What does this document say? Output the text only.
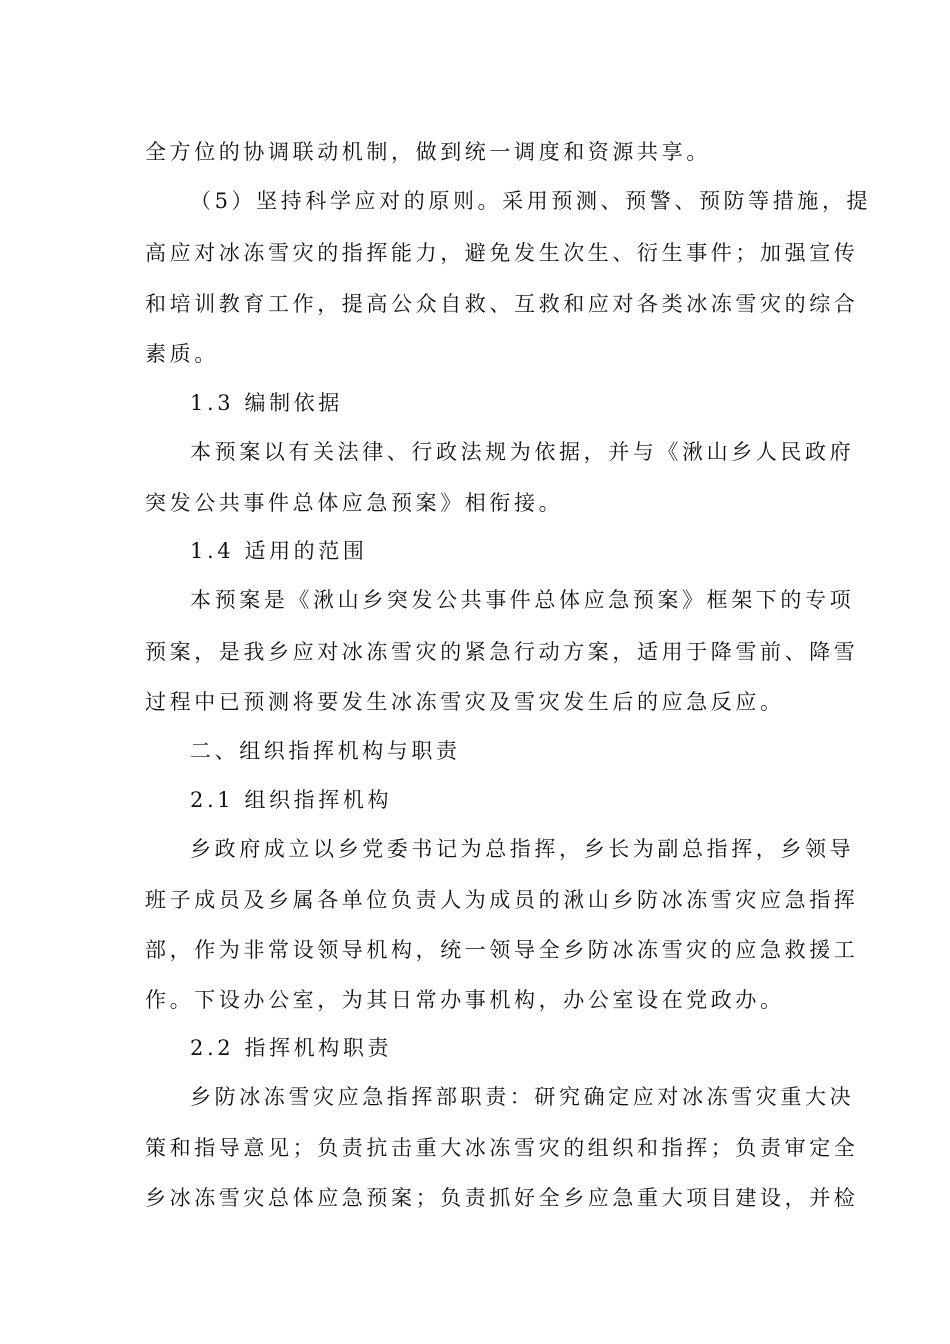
全方位的协调联动机制，做到统一调度和资源共享。
（5）坚持科学应对的原则。采用预测、预警、预防等措施，提
高应对冰冻雪灾的指挥能力，避免发生次生、衍生事件；加强宣传
和培训教育工作，提高公众自救、互救和应对各类冰冻雪灾的综合
素质。
1.3 编制依据
本预案以有关法律、行政法规为依据，并与《湫山乡人民政府
突发公共事件总体应急预案》相衔接。
1.4 适用的范围
本预案是《湫山乡突发公共事件总体应急预案》框架下的专项
预案，是我乡应对冰冻雪灾的紧急行动方案，适用于降雪前、降雪
过程中已预测将要发生冰冻雪灾及雪灾发生后的应急反应。
二、组织指挥机构与职责
2.1 组织指挥机构
乡政府成立以乡党委书记为总指挥，乡长为副总指挥，乡领导
班子成员及乡属各单位负责人为成员的湫山乡防冰冻雪灾应急指挥
部，作为非常设领导机构，统一领导全乡防冰冻雪灾的应急救援工
作。下设办公室，为其日常办事机构，办公室设在党政办。
2.2 指挥机构职责
乡防冰冻雪灾应急指挥部职责：研究确定应对冰冻雪灾重大决
策和指导意见；负责抗击重大冰冻雪灾的组织和指挥；负责审定全
乡冰冻雪灾总体应急预案；负责抓好全乡应急重大项目建设，并检
